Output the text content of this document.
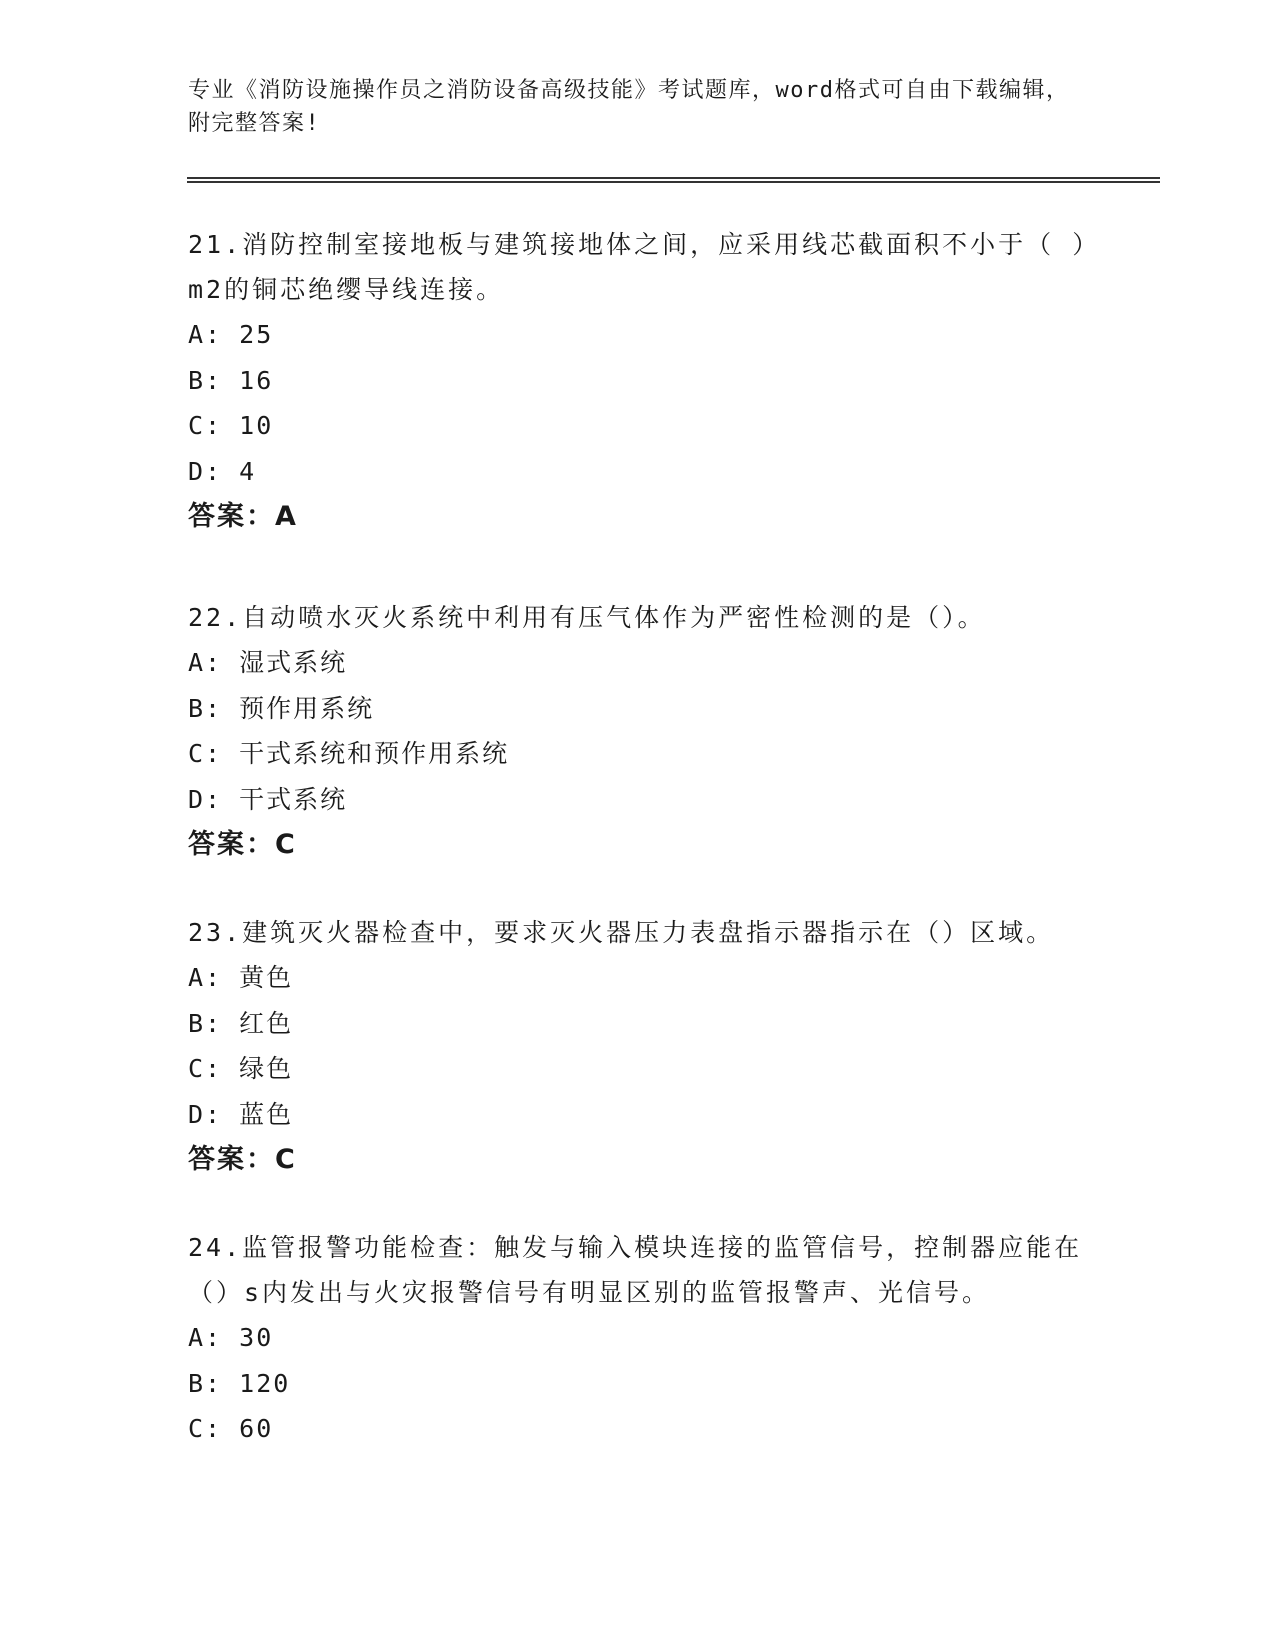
专业《消防设施操作员之消防设备高级技能》考试题库，word格式可自由下载编辑，附完整答案!

21.消防控制室接地板与建筑接地体之间，应采用线芯截面积不小于（ ）m2的铜芯绝缨导线连接。

A: 25

B: 16

C: 10

D: 4

答案：A

22.自动喷水灭火系统中利用有压气体作为严密性检测的是（）。

A: 湿式系统

B: 预作用系统

C: 干式系统和预作用系统

D: 干式系统

答案：C

23.建筑灭火器检查中，要求灭火器压力表盘指示器指示在（）区域。

A: 黄色

B: 红色

C: 绿色

D: 蓝色

答案：C

24.监管报警功能检查：触发与输入模块连接的监管信号，控制器应能在（）s内发出与火灾报警信号有明显区别的监管报警声、光信号。

A: 30

B: 120

C: 60
